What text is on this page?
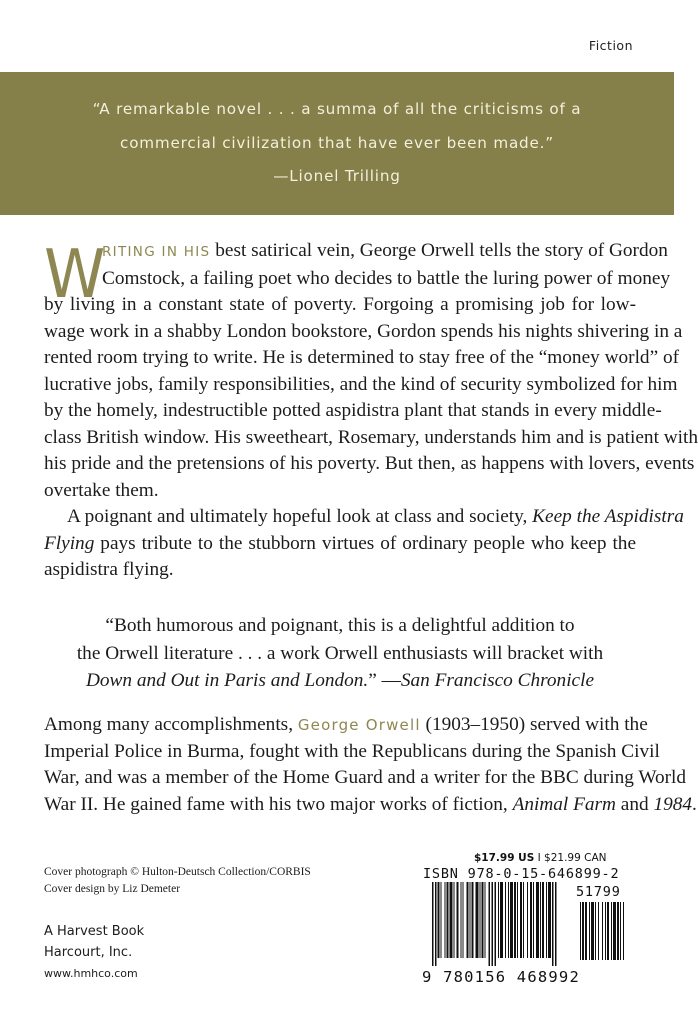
Fiction
“A remarkable novel . . . a summa of all the criticisms of a
commercial civilization that have ever been made.”
—Lionel Trilling
W
RITING IN HIS best satirical vein, George Orwell tells the story of Gordon
Comstock, a failing poet who decides to battle the luring power of money
by living in a constant state of poverty. Forgoing a promising job for low-
wage work in a shabby London bookstore, Gordon spends his nights shivering in a
rented room trying to write. He is determined to stay free of the “money world” of
lucrative jobs, family responsibilities, and the kind of security symbolized for him
by the homely, indestructible potted aspidistra plant that stands in every middle-
class British window. His sweetheart, Rosemary, understands him and is patient with
his pride and the pretensions of his poverty. But then, as happens with lovers, events
overtake them.
A poignant and ultimately hopeful look at class and society, Keep the Aspidistra
Flying pays tribute to the stubborn virtues of ordinary people who keep the
aspidistra flying.
“Both humorous and poignant, this is a delightful addition to
the Orwell literature . . . a work Orwell enthusiasts will bracket with
Down and Out in Paris and London.” —San Francisco Chronicle
Among many accomplishments, George Orwell (1903–1950) served with the
Imperial Police in Burma, fought with the Republicans during the Spanish Civil
War, and was a member of the Home Guard and a writer for the BBC during World
War II. He gained fame with his two major works of fiction, Animal Farm and 1984.
Cover photograph © Hulton-Deutsch Collection/CORBIS
Cover design by Liz Demeter
A Harvest Book
Harcourt, Inc.
www.hmhco.com
$17.99 US I $21.99 CAN
ISBN 978-0-15-646899-2
51799
9 780156 468992
